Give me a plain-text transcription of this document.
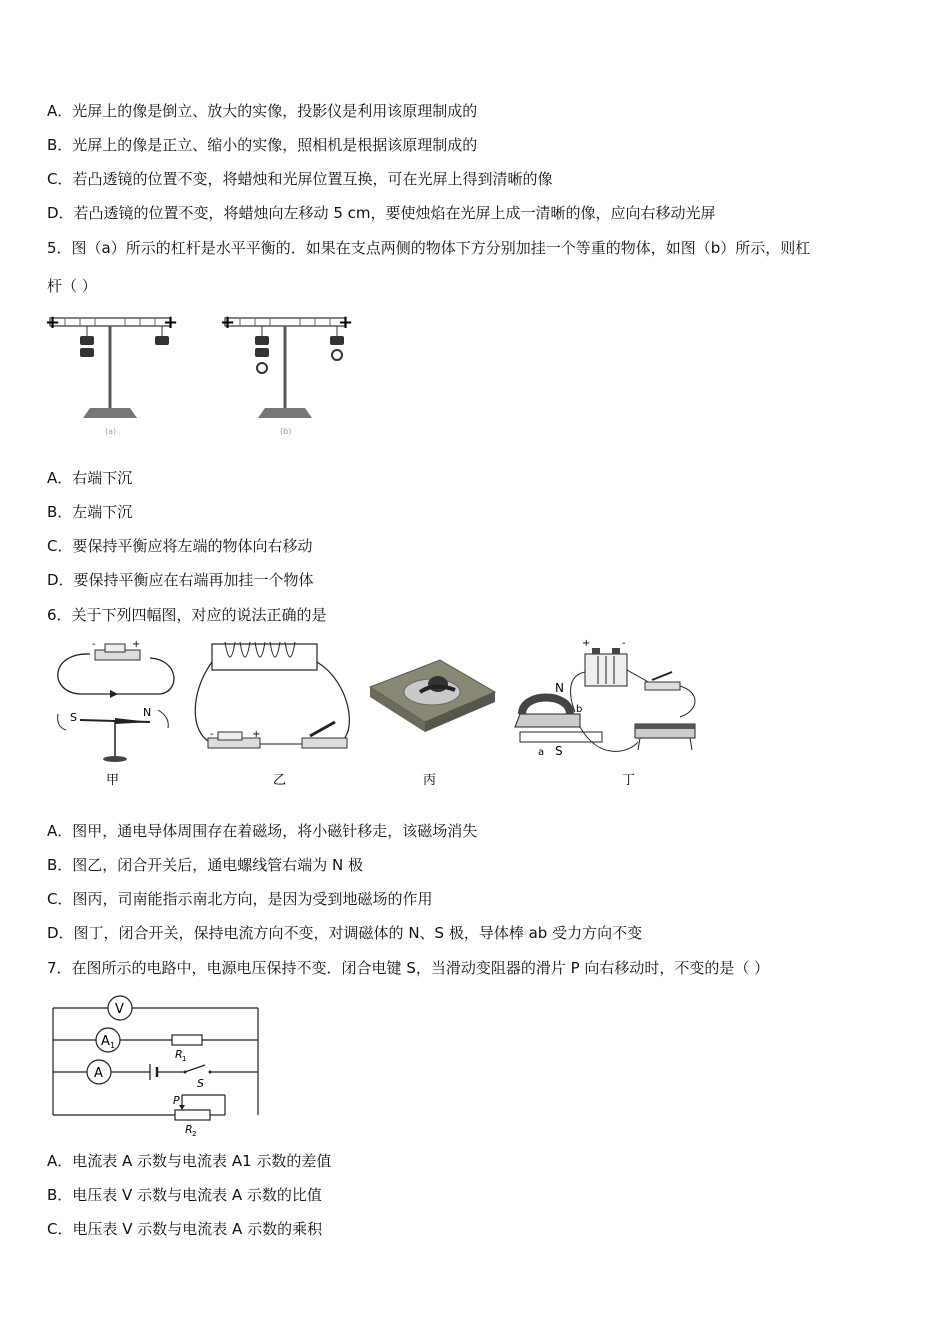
A．光屏上的像是倒立、放大的实像，投影仪是利用该原理制成的
B．光屏上的像是正立、缩小的实像，照相机是根据该原理制成的
C．若凸透镜的位置不变，将蜡烛和光屏位置互换，可在光屏上得到清晰的像
D．若凸透镜的位置不变，将蜡烛向左移动 5 cm，要使烛焰在光屏上成一清晰的像，应向右移动光屏
5．图（a）所示的杠杆是水平平衡的．如果在支点两侧的物体下方分别加挂一个等重的物体，如图（b）所示，则杠
杆（ ）
+	+
(a)
+	+
(b)
A．右端下沉
B．左端下沉
C．要保持平衡应将左端的物体向右移动
D．要保持平衡应在右端再加挂一个物体
6．关于下列四幅图，对应的说法正确的是
-	+
S	N
甲
-	+
乙	丙
+	-
N
S
a
b
丁
A．图甲，通电导体周围存在着磁场，将小磁针移走，该磁场消失
B．图乙，闭合开关后，通电螺线管右端为 N 极
C．图丙，司南能指示南北方向，是因为受到地磁场的作用
D．图丁，闭合开关，保持电流方向不变，对调磁体的 N、S 极，导体棒 ab 受力方向不变
7．在图所示的电路中，电源电压保持不变．闭合电键 S，当滑动变阻器的滑片 P 向右移动时，不变的是（ ）
V
A 1
A
R 1
S
P
R 2
A．电流表 A 示数与电流表 A1 示数的差值
B．电压表 V 示数与电流表 A 示数的比值
C．电压表 V 示数与电流表 A 示数的乘积
